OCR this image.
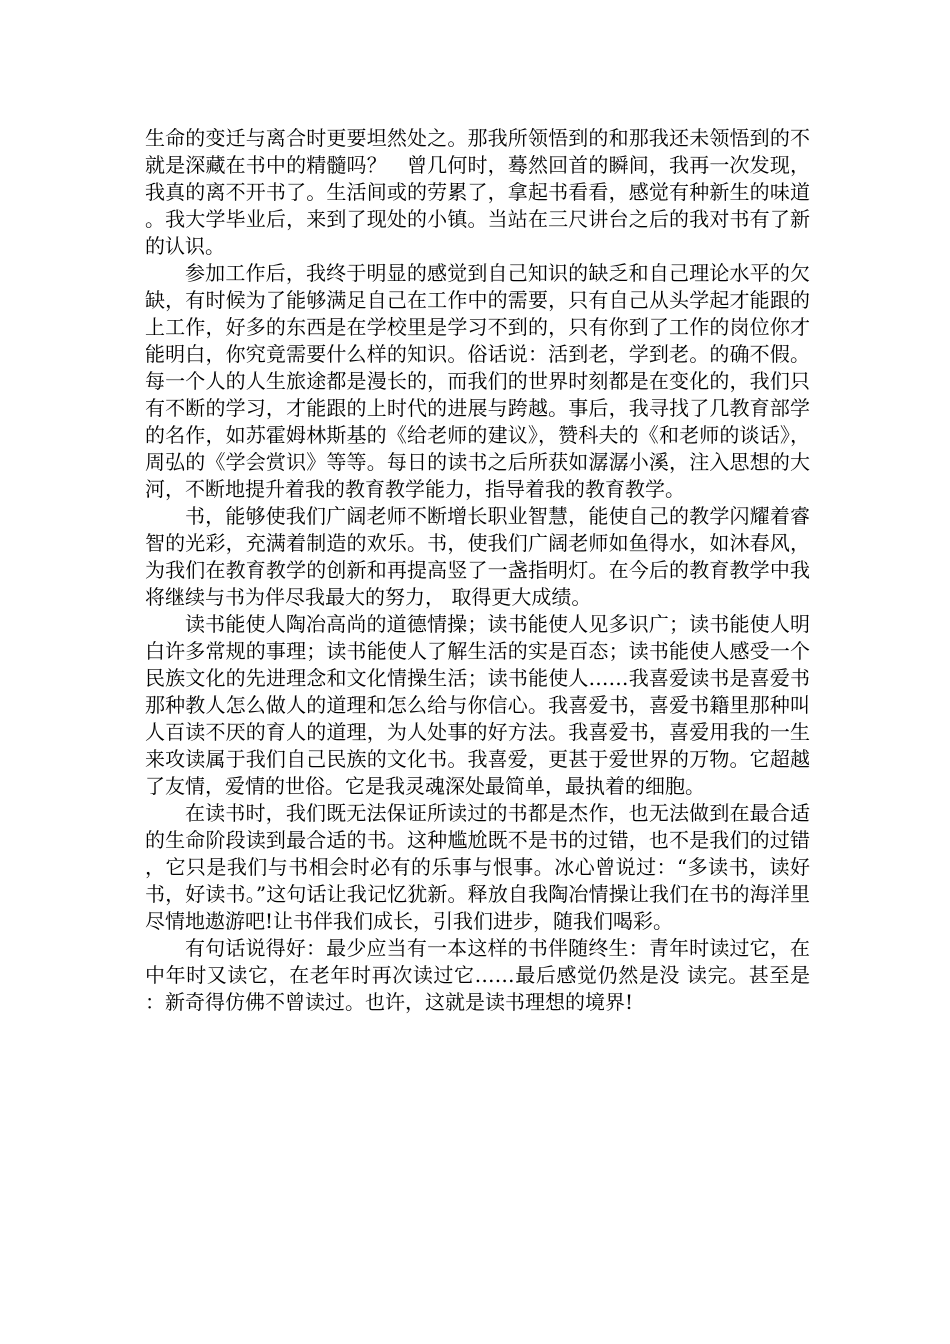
生命的变迁与离合时更要坦然处之。那我所领悟到的和那我还未领悟到的不就是深藏在书中的精髓吗？　曾几何时，蓦然回首的瞬间，我再一次发现，我真的离不开书了。生活间或的劳累了，拿起书看看，感觉有种新生的味道。我大学毕业后，来到了现处的小镇。当站在三尺讲台之后的我对书有了新的认识。

参加工作后，我终于明显的感觉到自己知识的缺乏和自己理论水平的欠缺，有时候为了能够满足自己在工作中的需要，只有自己从头学起才能跟的上工作，好多的东西是在学校里是学习不到的，只有你到了工作的岗位你才能明白，你究竟需要什么样的知识。俗话说：活到老，学到老。的确不假。每一个人的人生旅途都是漫长的，而我们的世界时刻都是在变化的，我们只有不断的学习，才能跟的上时代的进展与跨越。事后，我寻找了几教育部学的名作，如苏霍姆林斯基的《给老师的建议》，赞科夫的《和老师的谈话》，周弘的《学会赏识》等等。每日的读书之后所获如潺潺小溪，注入思想的大河，不断地提升着我的教育教学能力，指导着我的教育教学。

书，能够使我们广阔老师不断增长职业智慧，能使自己的教学闪耀着睿智的光彩，充满着制造的欢乐。书，使我们广阔老师如鱼得水，如沐春风，为我们在教育教学的创新和再提高竖了一盏指明灯。在今后的教育教学中我将继续与书为伴尽我最大的努力， 取得更大成绩。

读书能使人陶冶高尚的道德情操；读书能使人见多识广；读书能使人明白许多常规的事理；读书能使人了解生活的实是百态；读书能使人感受一个民族文化的先进理念和文化情操生活；读书能使人……我喜爱读书是喜爱书那种教人怎么做人的道理和怎么给与你信心。我喜爱书，喜爱书籍里那种叫人百读不厌的育人的道理，为人处事的好方法。我喜爱书，喜爱用我的一生来攻读属于我们自己民族的文化书。我喜爱，更甚于爱世界的万物。它超越了友情，爱情的世俗。它是我灵魂深处最简单，最执着的细胞。

在读书时，我们既无法保证所读过的书都是杰作，也无法做到在最合适的生命阶段读到最合适的书。这种尴尬既不是书的过错，也不是我们的过错，它只是我们与书相会时必有的乐事与恨事。冰心曾说过：“多读书，读好书，好读书。”这句话让我记忆犹新。释放自我陶冶情操让我们在书的海洋里尽情地遨游吧!让书伴我们成长，引我们进步，随我们喝彩。

有句话说得好：最少应当有一本这样的书伴随终生：青年时读过它，在中年时又读它，在老年时再次读过它……最后感觉仍然是没 读完。甚至是：新奇得仿佛不曾读过。也许，这就是读书理想的境界!
